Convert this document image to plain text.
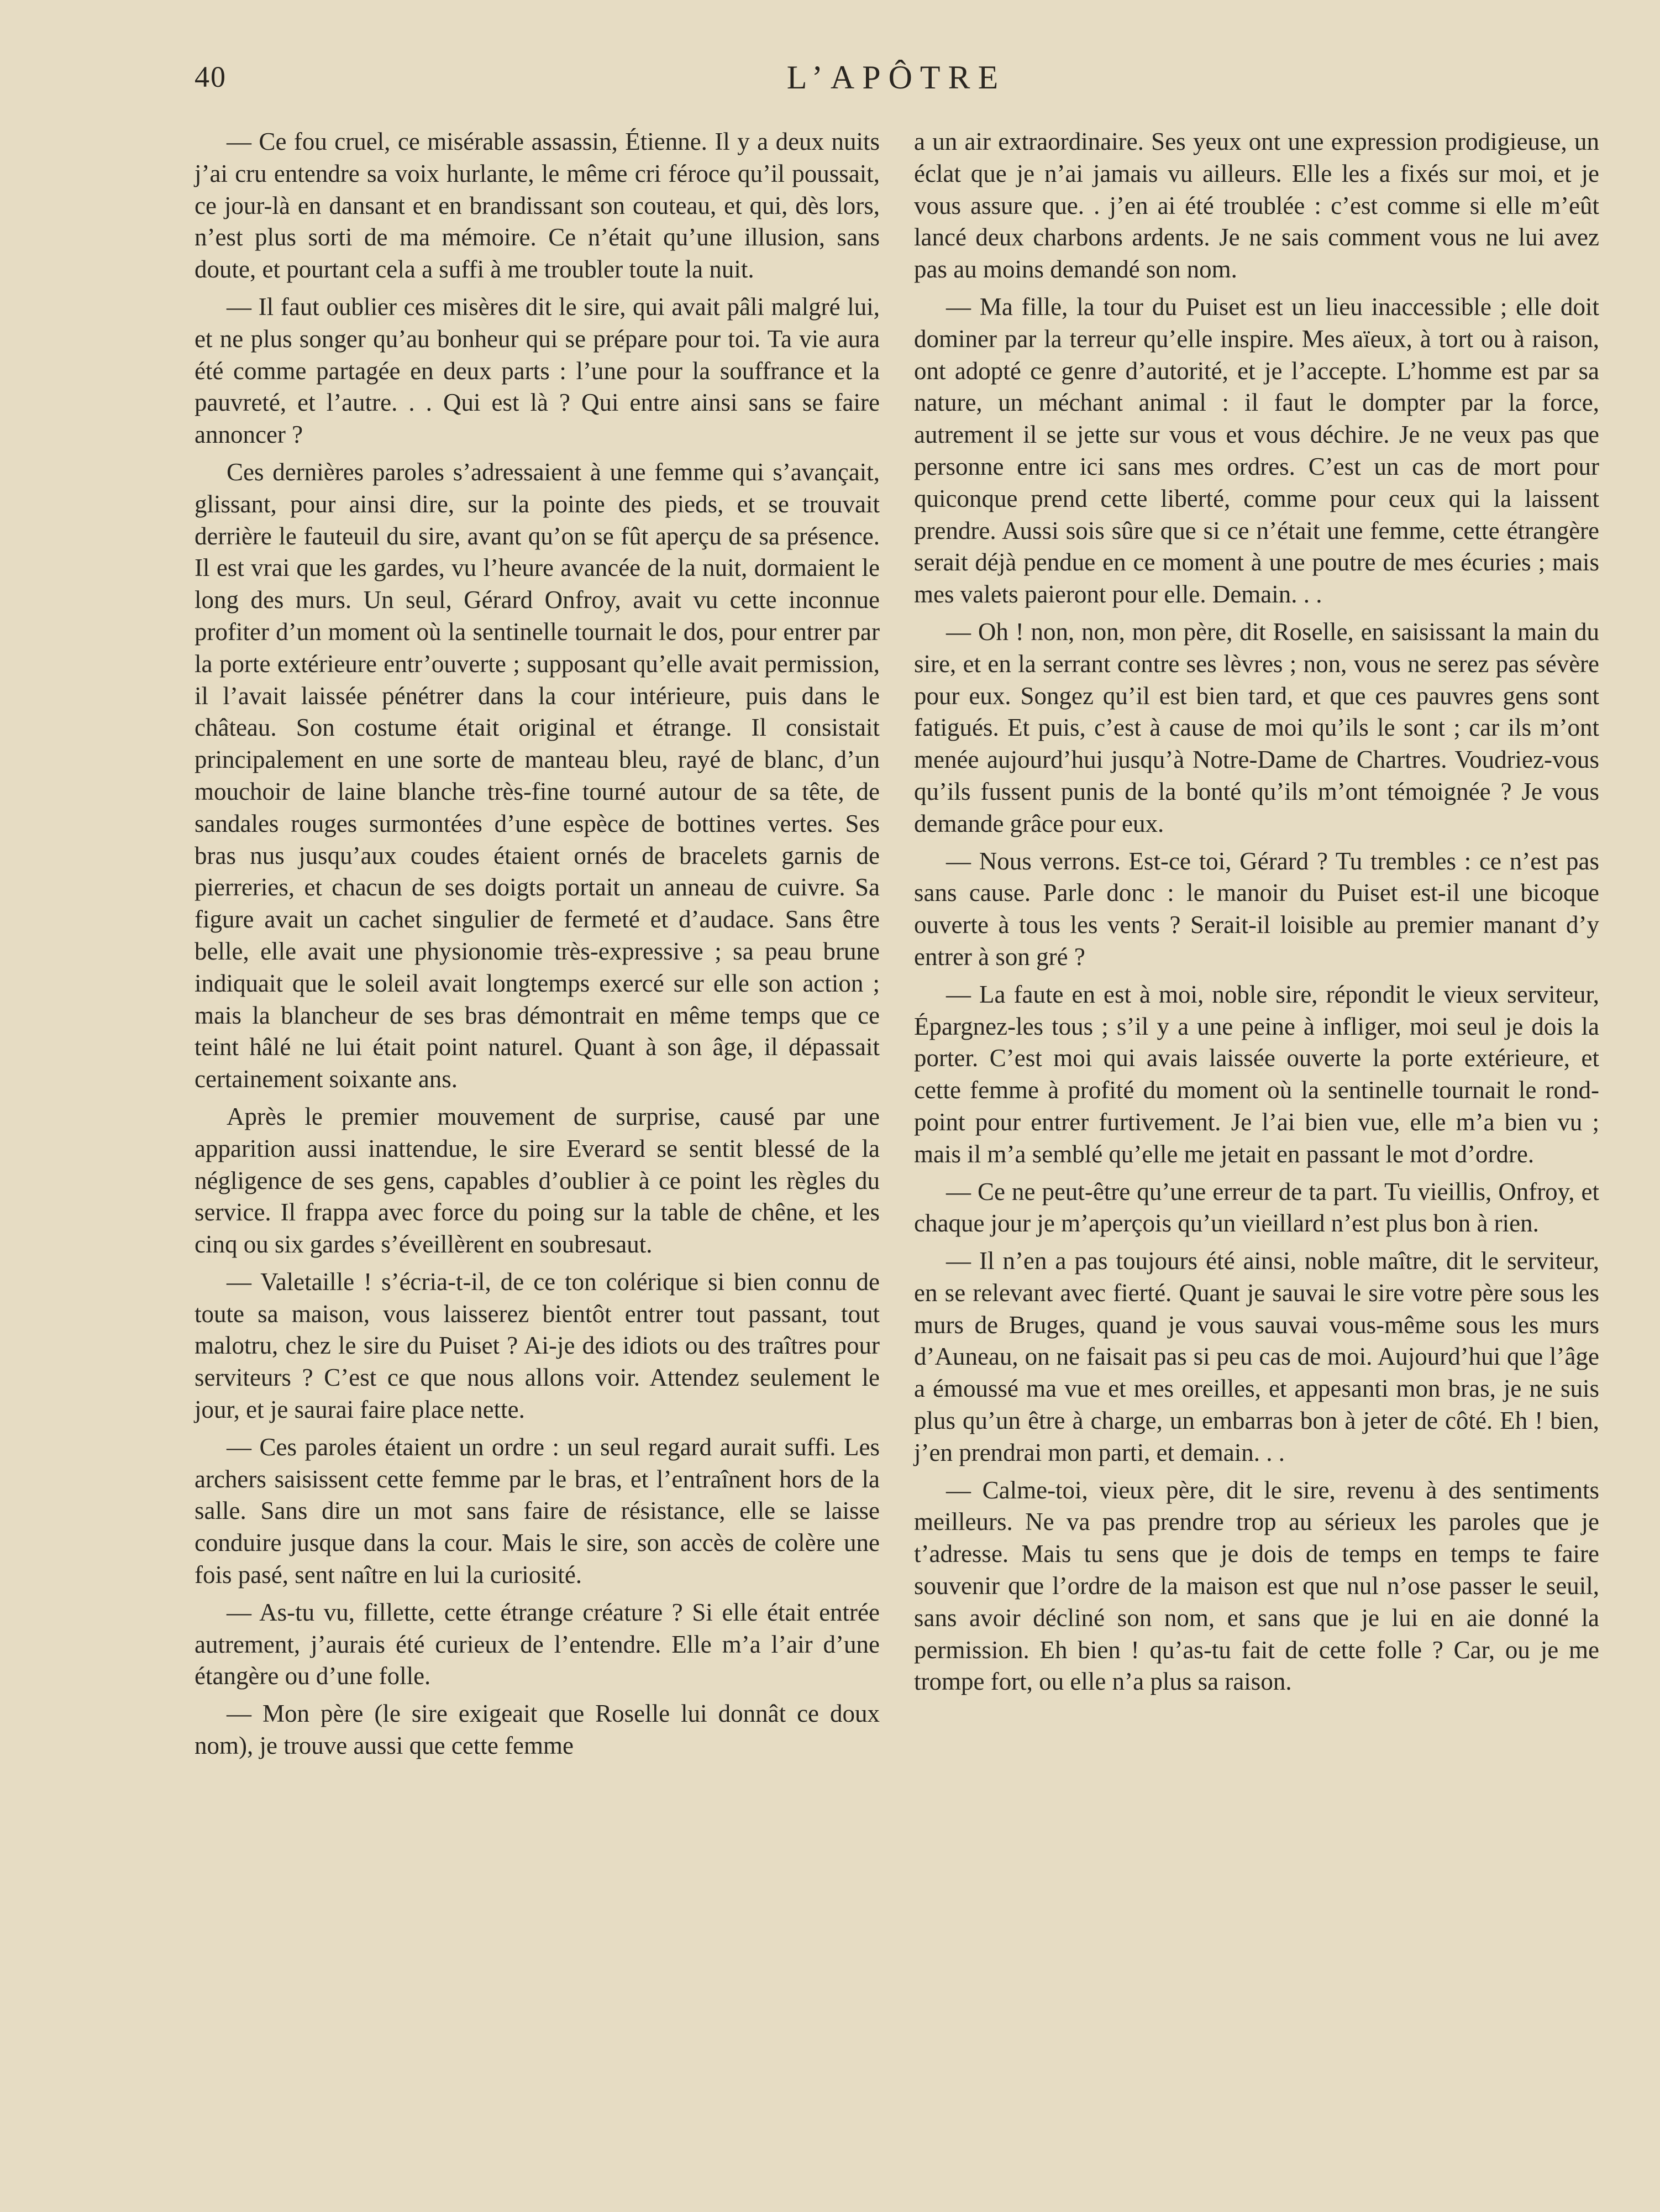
40	L’APÔTRE

— Ce fou cruel, ce misérable assassin, Étienne. Il y a deux nuits j’ai cru entendre sa voix hurlante, le même cri féroce qu’il poussait, ce jour-là en dansant et en brandissant son couteau, et qui, dès lors, n’est plus sorti de ma mémoire. Ce n’était qu’une illusion, sans doute, et pourtant cela a suffi à me troubler toute la nuit.

— Il faut oublier ces misères dit le sire, qui avait pâli malgré lui, et ne plus songer qu’au bonheur qui se prépare pour toi. Ta vie aura été comme partagée en deux parts : l’une pour la souffrance et la pauvreté, et l’autre. . . Qui est là ? Qui entre ainsi sans se faire annoncer ?

Ces dernières paroles s’adressaient à une femme qui s’avançait, glissant, pour ainsi dire, sur la pointe des pieds, et se trouvait derrière le fauteuil du sire, avant qu’on se fût aperçu de sa présence. Il est vrai que les gardes, vu l’heure avancée de la nuit, dormaient le long des murs. Un seul, Gérard Onfroy, avait vu cette inconnue profiter d’un moment où la sentinelle tournait le dos, pour entrer par la porte extérieure entr’ouverte ; supposant qu’elle avait permission, il l’avait laissée pénétrer dans la cour intérieure, puis dans le château. Son costume était original et étrange. Il consistait principalement en une sorte de manteau bleu, rayé de blanc, d’un mouchoir de laine blanche très-fine tourné autour de sa tête, de sandales rouges surmontées d’une espèce de bottines vertes. Ses bras nus jusqu’aux coudes étaient ornés de bracelets garnis de pierreries, et chacun de ses doigts portait un anneau de cuivre. Sa figure avait un cachet singulier de fermeté et d’audace. Sans être belle, elle avait une physionomie très-expressive ; sa peau brune indiquait que le soleil avait longtemps exercé sur elle son action ; mais la blancheur de ses bras démontrait en même temps que ce teint hâlé ne lui était point naturel. Quant à son âge, il dépassait certainement soixante ans.

Après le premier mouvement de surprise, causé par une apparition aussi inattendue, le sire Everard se sentit blessé de la négligence de ses gens, capables d’oublier à ce point les règles du service. Il frappa avec force du poing sur la table de chêne, et les cinq ou six gardes s’éveillèrent en soubresaut.

— Valetaille ! s’écria-t-il, de ce ton colérique si bien connu de toute sa maison, vous laisserez bientôt entrer tout passant, tout malotru, chez le sire du Puiset ? Ai-je des idiots ou des traîtres pour serviteurs ? C’est ce que nous allons voir. Attendez seulement le jour, et je saurai faire place nette.

— Ces paroles étaient un ordre : un seul regard aurait suffi. Les archers saisissent cette femme par le bras, et l’entraînent hors de la salle. Sans dire un mot sans faire de résistance, elle se laisse conduire jusque dans la cour. Mais le sire, son accès de colère une fois pasé, sent naître en lui la curiosité.

— As-tu vu, fillette, cette étrange créature ? Si elle était entrée autrement, j’aurais été curieux de l’entendre. Elle m’a l’air d’une étangère ou d’une folle.

— Mon père (le sire exigeait que Roselle lui donnât ce doux nom), je trouve aussi que cette femme

a un air extraordinaire. Ses yeux ont une expression prodigieuse, un éclat que je n’ai jamais vu ailleurs. Elle les a fixés sur moi, et je vous assure que. . j’en ai été troublée : c’est comme si elle m’eût lancé deux charbons ardents. Je ne sais comment vous ne lui avez pas au moins demandé son nom.

— Ma fille, la tour du Puiset est un lieu inaccessible ; elle doit dominer par la terreur qu’elle inspire. Mes aïeux, à tort ou à raison, ont adopté ce genre d’autorité, et je l’accepte. L’homme est par sa nature, un méchant animal : il faut le dompter par la force, autrement il se jette sur vous et vous déchire. Je ne veux pas que personne entre ici sans mes ordres. C’est un cas de mort pour quiconque prend cette liberté, comme pour ceux qui la laissent prendre. Aussi sois sûre que si ce n’était une femme, cette étrangère serait déjà pendue en ce moment à une poutre de mes écuries ; mais mes valets paieront pour elle. Demain. . .

— Oh ! non, non, mon père, dit Roselle, en saisissant la main du sire, et en la serrant contre ses lèvres ; non, vous ne serez pas sévère pour eux. Songez qu’il est bien tard, et que ces pauvres gens sont fatigués. Et puis, c’est à cause de moi qu’ils le sont ; car ils m’ont menée aujourd’hui jusqu’à Notre-Dame de Chartres. Voudriez-vous qu’ils fussent punis de la bonté qu’ils m’ont témoignée ? Je vous demande grâce pour eux.

— Nous verrons. Est-ce toi, Gérard ? Tu trembles : ce n’est pas sans cause. Parle donc : le manoir du Puiset est-il une bicoque ouverte à tous les vents ? Serait-il loisible au premier manant d’y entrer à son gré ?

— La faute en est à moi, noble sire, répondit le vieux serviteur, Épargnez-les tous ; s’il y a une peine à infliger, moi seul je dois la porter. C’est moi qui avais laissée ouverte la porte extérieure, et cette femme à profité du moment où la sentinelle tournait le rond-point pour entrer furtivement. Je l’ai bien vue, elle m’a bien vu ; mais il m’a semblé qu’elle me jetait en passant le mot d’ordre.

— Ce ne peut-être qu’une erreur de ta part. Tu vieillis, Onfroy, et chaque jour je m’aperçois qu’un vieillard n’est plus bon à rien.

— Il n’en a pas toujours été ainsi, noble maître, dit le serviteur, en se relevant avec fierté. Quant je sauvai le sire votre père sous les murs de Bruges, quand je vous sauvai vous-même sous les murs d’Auneau, on ne faisait pas si peu cas de moi. Aujourd’hui que l’âge a émoussé ma vue et mes oreilles, et appesanti mon bras, je ne suis plus qu’un être à charge, un embarras bon à jeter de côté. Eh ! bien, j’en prendrai mon parti, et demain. . .

— Calme-toi, vieux père, dit le sire, revenu à des sentiments meilleurs. Ne va pas prendre trop au sérieux les paroles que je t’adresse. Mais tu sens que je dois de temps en temps te faire souvenir que l’ordre de la maison est que nul n’ose passer le seuil, sans avoir décliné son nom, et sans que je lui en aie donné la permission. Eh bien ! qu’as-tu fait de cette folle ? Car, ou je me trompe fort, ou elle n’a plus sa raison.
